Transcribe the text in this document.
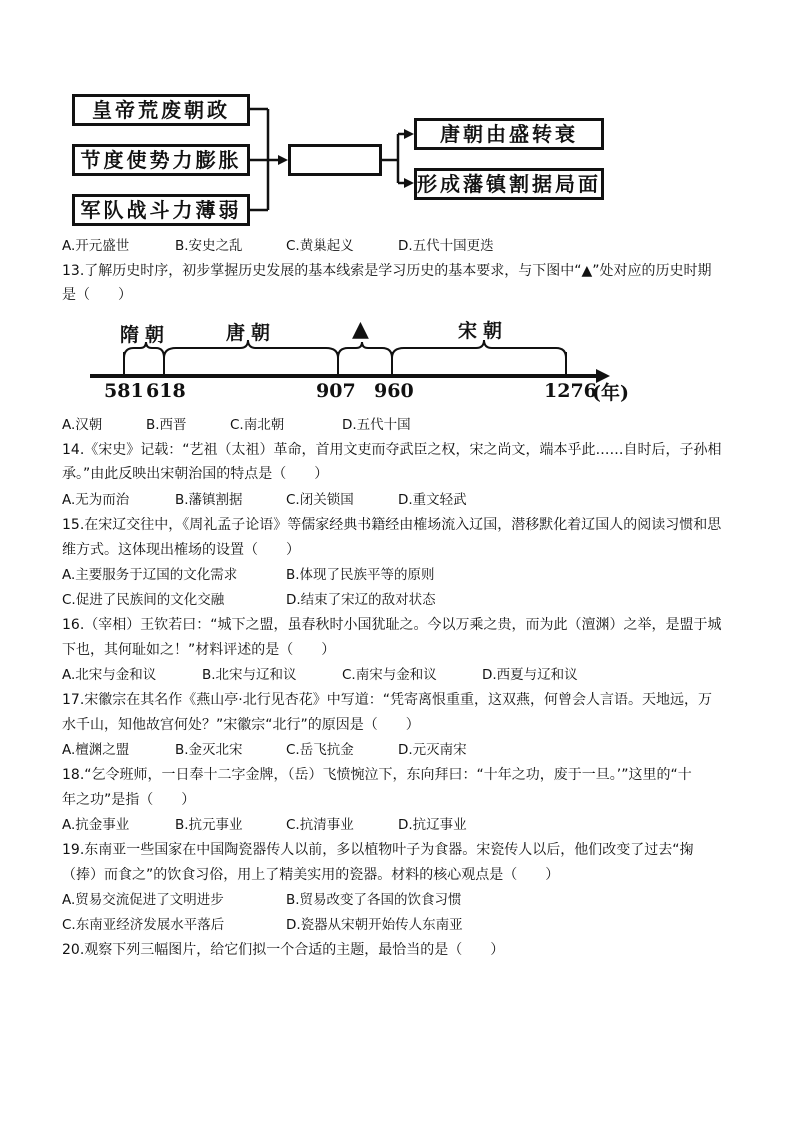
皇帝荒废朝政
节度使势力膨胀
军队战斗力薄弱
唐朝由盛转衰
形成藩镇割据局面
A.开元盛世	B.安史之乱	C.黄巢起义	D.五代十国更迭
13.了解历史时序，初步掌握历史发展的基本线索是学习历史的基本要求，与下图中“▲”处对应的历史时期
是（　　）
隋朝	唐朝	▲	宋朝
581 618	907 960	1276
(年)
A.汉朝	B.西晋	C.南北朝	D.五代十国
14.《宋史》记载：“艺祖（太祖）革命，首用文吏而夺武臣之权，宋之尚文，端本乎此……自时后，子孙相
承。”由此反映出宋朝治国的特点是（　　）
A.无为而治	B.藩镇割据	C.闭关锁国	D.重文轻武
15.在宋辽交往中，《周礼孟子论语》等儒家经典书籍经由榷场流入辽国，潜移默化着辽国人的阅读习惯和思
维方式。这体现出榷场的设置（　　）
A.主要服务于辽国的文化需求	B.体现了民族平等的原则
C.促进了民族间的文化交融	D.结束了宋辽的敌对状态
16.（宰相）王钦若曰：“城下之盟，虽春秋时小国犹耻之。今以万乘之贵，而为此（澶渊）之举，是盟于城
下也，其何耻如之！”材料评述的是（　　）
A.北宋与金和议	B.北宋与辽和议	C.南宋与金和议	D.西夏与辽和议
17.宋徽宗在其名作《燕山亭·北行见杏花》中写道：“凭寄离恨重重，这双燕，何曾会人言语。天地远，万
水千山，知他故宫何处？”宋徽宗“北行”的原因是（　　）
A.檀渊之盟	B.金灭北宋	C.岳飞抗金	D.元灭南宋
18.“乞令班师，一日奉十二字金牌，（岳）飞愤惋泣下，东向拜曰：“十年之功，废于一旦。’”这里的“十
年之功”是指（　　）
A.抗金事业	B.抗元事业	C.抗清事业	D.抗辽事业
19.东南亚一些国家在中国陶瓷器传人以前，多以植物叶子为食器。宋瓷传人以后，他们改变了过去“掬
（捧）而食之”的饮食习俗，用上了精美实用的瓷器。材料的核心观点是（　　）
A.贸易交流促进了文明进步	B.贸易改变了各国的饮食习惯
C.东南亚经济发展水平落后	D.瓷器从宋朝开始传人东南亚
20.观察下列三幅图片，给它们拟一个合适的主题，最恰当的是（　　）
